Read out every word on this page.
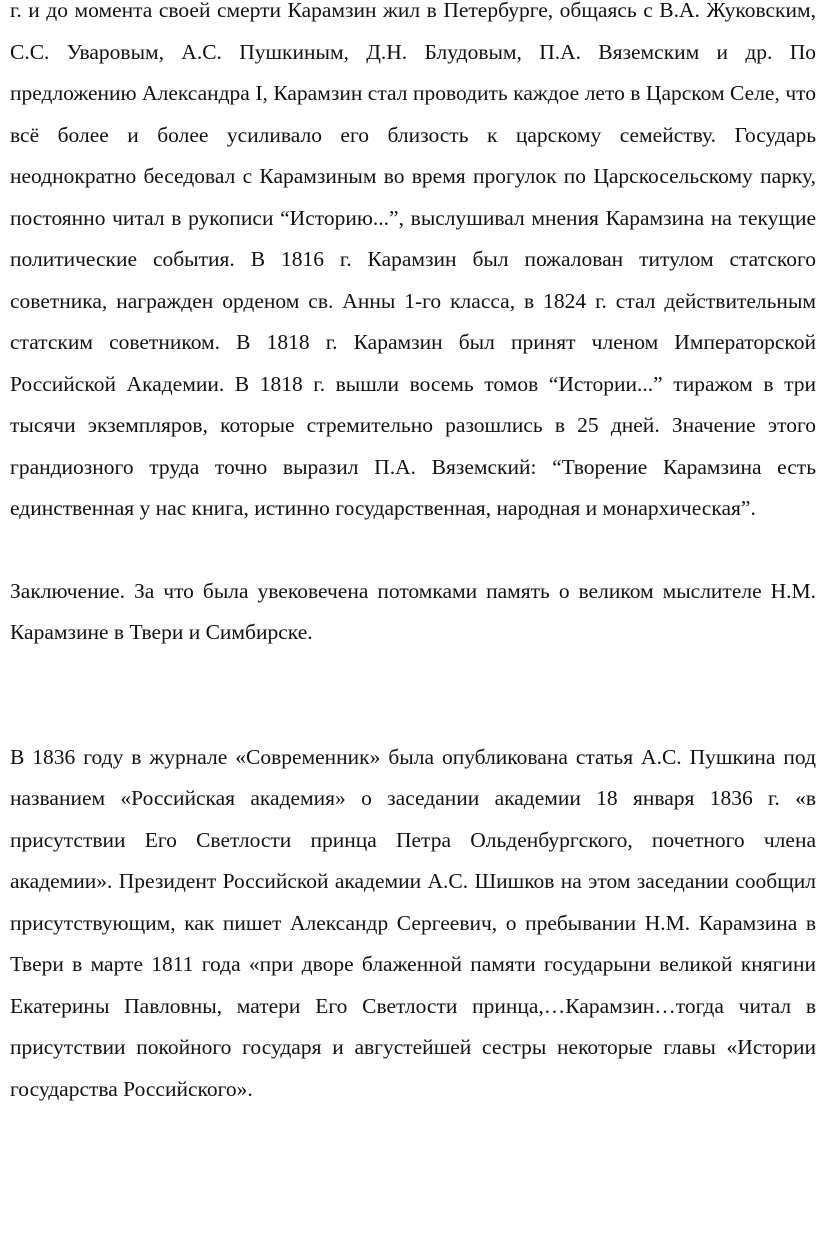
г. и до момента своей смерти Карамзин жил в Петербурге, общаясь с В.А. Жуковским, С.С. Уваровым, А.С. Пушкиным, Д.Н. Блудовым, П.А. Вяземским и др. По предложению Александра I, Карамзин стал проводить каждое лето в Царском Селе, что всё более и более усиливало его близость к царскому семейству. Государь неоднократно беседовал с Карамзиным во время прогулок по Царскосельскому парку, постоянно читал в рукописи “Историю...”, выслушивал мнения Карамзина на текущие политические события. В 1816 г. Карамзин был пожалован титулом статского советника, награжден орденом св. Анны 1-го класса, в 1824 г. стал действительным статским советником. В 1818 г. Карамзин был принят членом Императорской Российской Академии. В 1818 г. вышли восемь томов “Истории...” тиражом в три тысячи экземпляров, которые стремительно разошлись в 25 дней. Значение этого грандиозного труда точно выразил П.А. Вяземский: “Творение Карамзина есть единственная у нас книга, истинно государственная, народная и монархическая”.

Заключение. За что была увековечена потомками память о великом мыслителе Н.М. Карамзине в Твери и Симбирске.

В 1836 году в журнале «Современник» была опубликована статья А.С. Пушкина под названием «Российская академия» о заседании академии 18 января 1836 г. «в присутствии Его Светлости принца Петра Ольденбургского, почетного члена академии». Президент Российской академии А.С. Шишков на этом заседании сообщил присутствующим, как пишет Александр Сергеевич, о пребывании Н.М. Карамзина в Твери в марте 1811 года «при дворе блаженной памяти государыни великой княгини Екатерины Павловны, матери Его Светлости принца,…Карамзин…тогда читал в присутствии покойного государя и августейшей сестры некоторые главы «Истории государства Российского».
